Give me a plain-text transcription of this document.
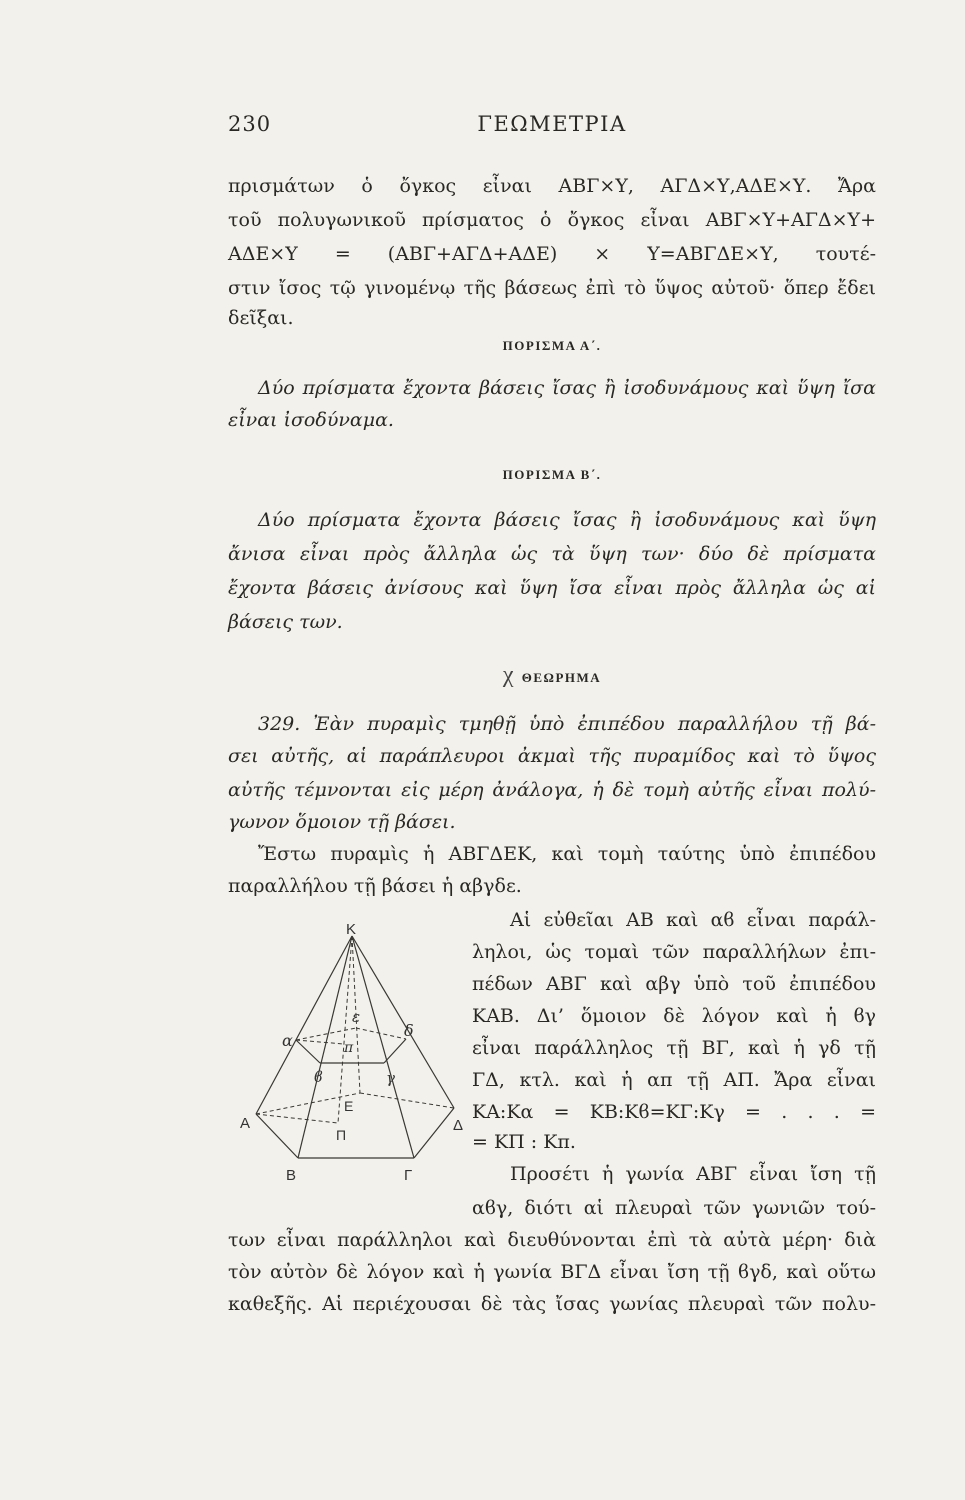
230	ΓΕΩΜΕΤΡΙΑ
πρισμάτων ὁ ὄγκος εἶναι ΑΒΓ×Υ, ΑΓΔ×Υ,ΑΔΕ×Υ. Ἄρα
τοῦ πολυγωνικοῦ πρίσματος ὁ ὄγκος εἶναι ΑΒΓ×Υ+ΑΓΔ×Υ+
ΑΔΕ×Υ = (ΑΒΓ+ΑΓΔ+ΑΔΕ) × Υ=ΑΒΓΔΕ×Υ, τουτέ-
στιν ἴσος τῷ γινομένῳ τῆς βάσεως ἐπὶ τὸ ὕψος αὐτοῦ· ὅπερ ἔδει
δεῖξαι.
ΠΟΡΙΣΜΑ Α΄.
Δύο πρίσματα ἔχοντα βάσεις ἴσας ἢ ἰσοδυνάμους καὶ ὕψη ἴσα
εἶναι ἰσοδύναμα.
ΠΟΡΙΣΜΑ Β΄.
Δύο πρίσματα ἔχοντα βάσεις ἴσας ἢ ἰσοδυνάμους καὶ ὕψη
ἄνισα εἶναι πρὸς ἄλληλα ὡς τὰ ὕψη των· δύο δὲ πρίσματα
ἔχοντα βάσεις ἀνίσους καὶ ὕψη ἴσα εἶναι πρὸς ἄλληλα ὡς αἱ
βάσεις των.
χ ΘΕΩΡΗΜΑ
329. Ἐὰν πυραμὶς τμηθῇ ὑπὸ ἐπιπέδου παραλλήλου τῇ βά-
σει αὐτῆς, αἱ παράπλευροι ἀκμαὶ τῆς πυραμίδος καὶ τὸ ὕψος
αὐτῆς τέμνονται εἰς μέρη ἀνάλογα, ἡ δὲ τομὴ αὐτῆς εἶναι πολύ-
γωνον ὅμοιον τῇ βάσει.
Ἔστω πυραμὶς ἡ ΑΒΓΔΕΚ, καὶ τομὴ ταύτης ὑπὸ ἐπιπέδου
παραλλήλου τῇ βάσει ἡ αβγδε.
Αἱ εὐθεῖαι ΑΒ καὶ αϐ εἶναι παράλ-
ληλοι, ὡς τομαὶ τῶν παραλλήλων ἐπι-
πέδων ΑΒΓ καὶ αβγ ὑπὸ τοῦ ἐπιπέδου
ΚΑΒ. Δι’ ὅμοιον δὲ λόγον καὶ ἡ ϐγ
εἶναι παράλληλος τῇ ΒΓ, καὶ ἡ γδ τῇ
ΓΔ, κτλ. καὶ ἡ απ τῇ ΑΠ. Ἄρα εἶναι
ΚΑ:Κα = ΚΒ:Κϐ=ΚΓ:Κγ = . . . =
= ΚΠ : Κπ.
Προσέτι ἡ γωνία ΑΒΓ εἶναι ἴση τῇ
αϐγ, διότι αἱ πλευραὶ τῶν γωνιῶν τού-
των εἶναι παράλληλοι καὶ διευθύνονται ἐπὶ τὰ αὐτὰ μέρη· διὰ
τὸν αὐτὸν δὲ λόγον καὶ ἡ γωνία ΒΓΔ εἶναι ἴση τῇ ϐγδ, καὶ οὕτω
καθεξῆς. Αἱ περιέχουσαι δὲ τὰς ἴσας γωνίας πλευραὶ τῶν πολυ-
Κ
Α
Β	Γ
Δ
Ε
Π
α
ϐ	γ
δ
ε
π
